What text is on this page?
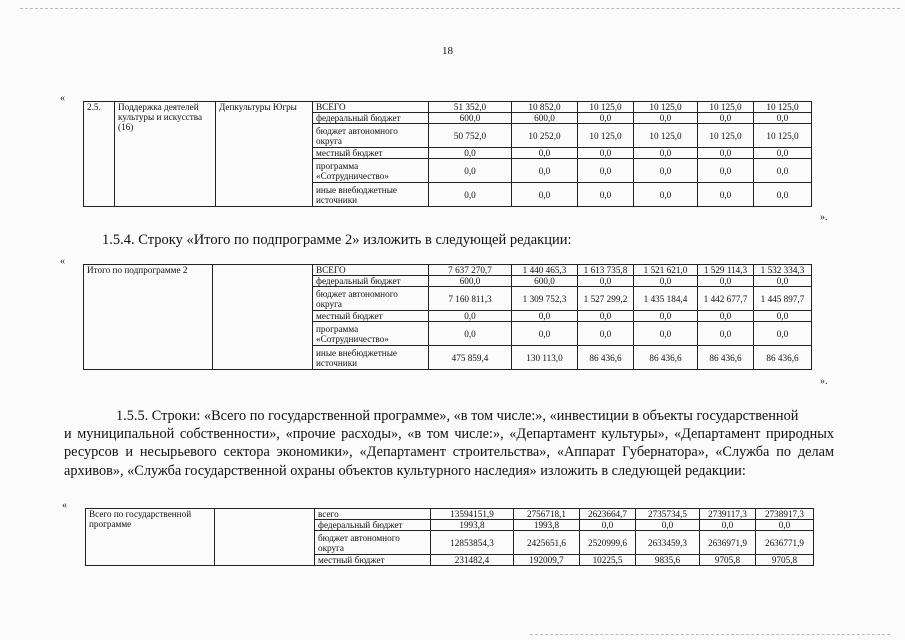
18
«
2.5.	Поддержка деятелей культуры и искусства (16)	Депкультуры Югры	ВСЕГО	51 352,0	10 852,0	10 125,0	10 125,0	10 125,0	10 125,0
			федеральный бюджет	600,0	600,0	0,0	0,0	0,0	0,0
			бюджет автономного округа	50 752,0	10 252,0	10 125,0	10 125,0	10 125,0	10 125,0
			местный бюджет	0,0	0,0	0,0	0,0	0,0	0,0
			программа «Сотрудничество»	0,0	0,0	0,0	0,0	0,0	0,0
			иные внебюджетные источники	0,0	0,0	0,0	0,0	0,0	0,0
».
1.5.4. Строку «Итого по подпрограмме 2» изложить в следующей редакции:
«
Итого по подпрограмме 2		ВСЕГО	7 637 270,7	1 440 465,3	1 613 735,8	1 521 621,0	1 529 114,3	1 532 334,3
		федеральный бюджет	600,0	600,0	0,0	0,0	0,0	0,0
		бюджет автономного округа	7 160 811,3	1 309 752,3	1 527 299,2	1 435 184,4	1 442 677,7	1 445 897,7
		местный бюджет	0,0	0,0	0,0	0,0	0,0	0,0
		программа «Сотрудничество»	0,0	0,0	0,0	0,0	0,0	0,0
		иные внебюджетные источники	475 859,4	130 113,0	86 436,6	86 436,6	86 436,6	86 436,6
».
1.5.5. Строки: «Всего по государственной программе», «в том числе:», «инвестиции в объекты государственной
и муниципальной собственности», «прочие расходы», «в том числе:», «Департамент культуры», «Департамент природных ресурсов и несырьевого сектора экономики», «Департамент строительства», «Аппарат Губернатора», «Служба по делам архивов», «Служба государственной охраны объектов культурного наследия» изложить в следующей редакции:
«
Всего по государственной программе		всего	13594151,9	2756718,1	2623664,7	2735734,5	2739117,3	2738917,3
		федеральный бюджет	1993,8	1993,8	0,0	0,0	0,0	0,0
		бюджет автономного округа	12853854,3	2425651,6	2520999,6	2633459,3	2636971,9	2636771,9
		местный бюджет	231482,4	192009,7	10225,5	9835,6	9705,8	9705,8
